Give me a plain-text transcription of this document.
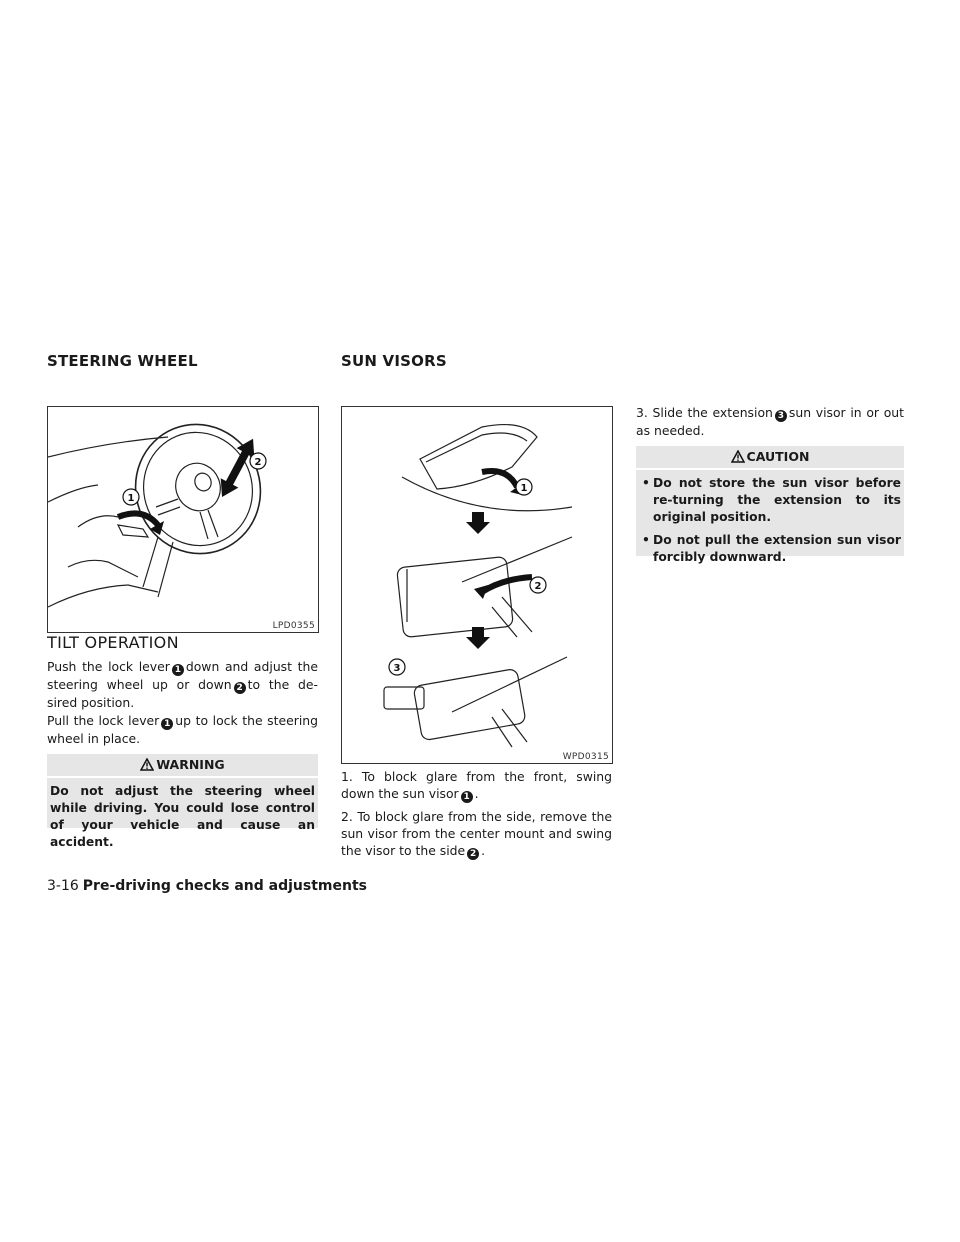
STEERING WHEEL	SUN VISORS
1
2
LPD0355
TILT OPERATION

Push the lock lever 1 down and adjust the steering wheel up or down 2 to the de-sired position.

Pull the lock lever 1 up to lock the steering wheel in place.

WARNING
Do not adjust the steering wheel while driving. You could lose control of your vehicle and cause an accident.
1
2
3
WPD0315
1. To block glare from the front, swing down the sun visor 1 .
2. To block glare from the side, remove the sun visor from the center mount and swing the visor to the side 2 .
3. Slide the extension 3 sun visor in or out as needed.
CAUTION
• Do not store the sun visor before re-turning the extension to its original position.
• Do not pull the extension sun visor forcibly downward.
3-16 Pre-driving checks and adjustments
